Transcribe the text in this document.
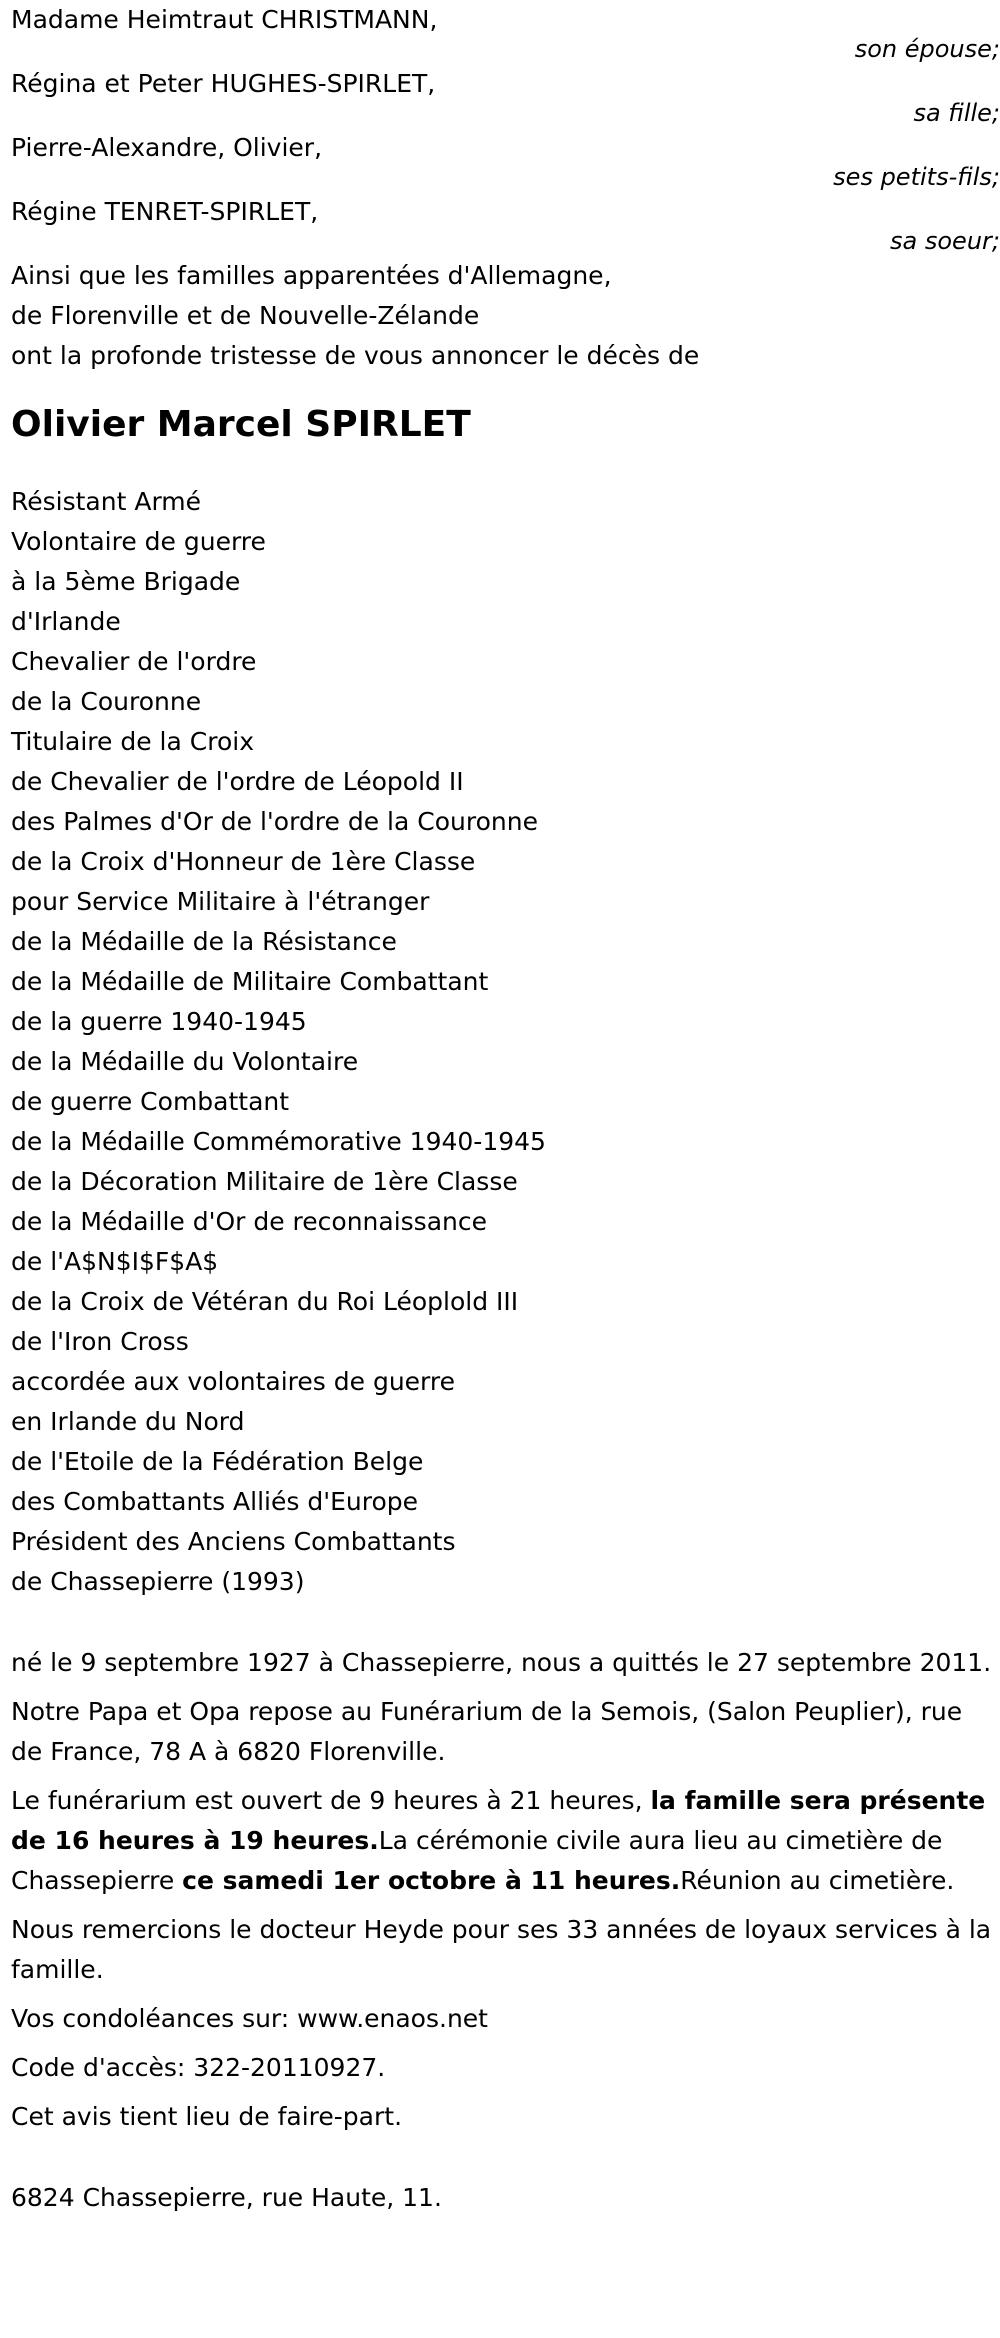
Madame Heimtraut CHRISTMANN,
son épouse;
Régina et Peter HUGHES-SPIRLET,
sa fille;
Pierre-Alexandre, Olivier,
ses petits-fils;
Régine TENRET-SPIRLET,
sa soeur;
Ainsi que les familles apparentées d'Allemagne,
de Florenville et de Nouvelle-Zélande
ont la profonde tristesse de vous annoncer le décès de
Olivier Marcel SPIRLET
Résistant Armé
Volontaire de guerre
à la 5ème Brigade
d'Irlande
Chevalier de l'ordre
de la Couronne
Titulaire de la Croix
de Chevalier de l'ordre de Léopold II
des Palmes d'Or de l'ordre de la Couronne
de la Croix d'Honneur de 1ère Classe
pour Service Militaire à l'étranger
de la Médaille de la Résistance
de la Médaille de Militaire Combattant
de la guerre 1940-1945
de la Médaille du Volontaire
de guerre Combattant
de la Médaille Commémorative 1940-1945
de la Décoration Militaire de 1ère Classe
de la Médaille d'Or de reconnaissance
de l'A$N$I$F$A$
de la Croix de Vétéran du Roi Léoplold III
de l'Iron Cross
accordée aux volontaires de guerre
en Irlande du Nord
de l'Etoile de la Fédération Belge
des Combattants Alliés d'Europe
Président des Anciens Combattants
de Chassepierre (1993)

né le 9 septembre 1927 à Chassepierre, nous a quittés le 27 septembre 2011.

Notre Papa et Opa repose au Funérarium de la Semois, (Salon Peuplier), rue de France, 78 A à 6820 Florenville.

Le funérarium est ouvert de 9 heures à 21 heures, la famille sera présente de 16 heures à 19 heures.La cérémonie civile aura lieu au cimetière de Chassepierre ce samedi 1er octobre à 11 heures.Réunion au cimetière.

Nous remercions le docteur Heyde pour ses 33 années de loyaux services à la famille.

Vos condoléances sur: www.enaos.net

Code d'accès: 322-20110927.

Cet avis tient lieu de faire-part.

6824 Chassepierre, rue Haute, 11.
